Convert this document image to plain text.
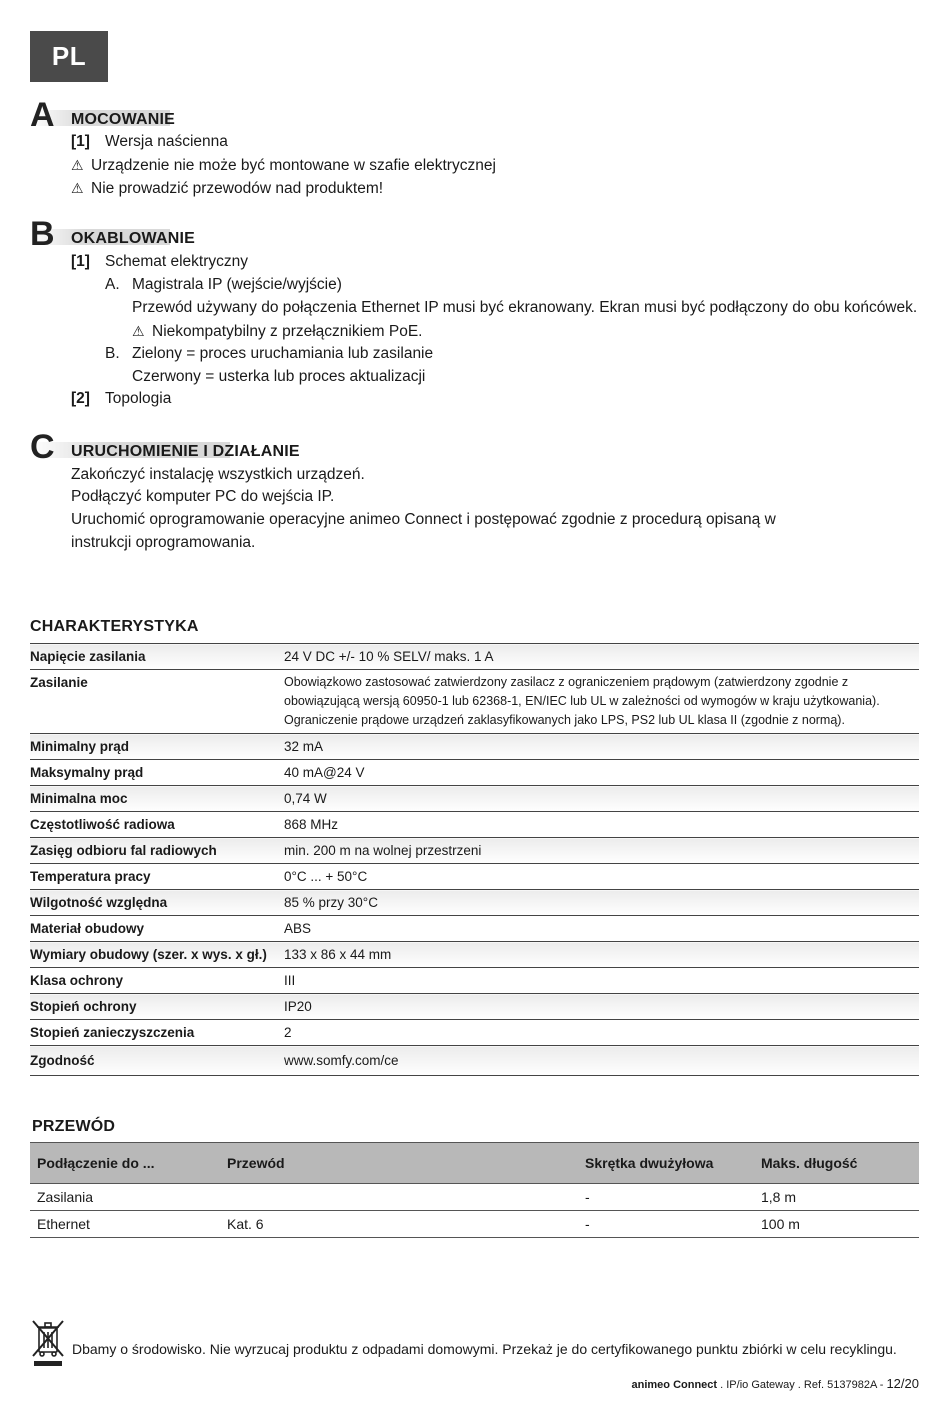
PL
A MOCOWANIE
[1] Wersja naścienna
⚠ Urządzenie nie może być montowane w szafie elektrycznej
⚠ Nie prowadzić przewodów nad produktem!
B OKABLOWANIE
[1] Schemat elektryczny
A. Magistrala IP (wejście/wyjście)
Przewód używany do połączenia Ethernet IP musi być ekranowany. Ekran musi być podłączony do obu końcówek.
⚠ Niekompatybilny z przełącznikiem PoE.
B. Zielony = proces uruchamiania lub zasilanie
Czerwony = usterka lub proces aktualizacji
[2] Topologia
C URUCHOMIENIE I DZIAŁANIE
Zakończyć instalację wszystkich urządzeń.
Podłączyć komputer PC do wejścia IP.
Uruchomić oprogramowanie operacyjne animeo Connect i postępować zgodnie z procedurą opisaną w
instrukcji oprogramowania.
CHARAKTERYSTYKA
Napięcie zasilania	24 V DC +/- 10 % SELV/ maks. 1 A
Zasilanie	Obowiązkowo zastosować zatwierdzony zasilacz z ograniczeniem prądowym (zatwierdzony zgodnie z
obowiązującą wersją 60950-1 lub 62368-1, EN/IEC lub UL w zależności od wymogów w kraju użytkowania).
Ograniczenie prądowe urządzeń zaklasyfikowanych jako LPS, PS2 lub UL klasa II (zgodnie z normą).

Minimalny prąd	32 mA
Maksymalny prąd	40 mA@24 V
Minimalna moc	0,74 W
Częstotliwość radiowa	868 MHz
Zasięg odbioru fal radiowych	min. 200 m na wolnej przestrzeni
Temperatura pracy	0°C ... + 50°C
Wilgotność względna	85 % przy 30°C
Materiał obudowy	ABS
Wymiary obudowy (szer. x wys. x gł.)	133 x 86 x 44 mm
Klasa ochrony	III
Stopień ochrony	IP20
Stopień zanieczyszczenia	2
Zgodność	www.somfy.com/ce
PRZEWÓD
Podłączenie do ...	Przewód	Skrętka dwużyłowa	Maks. długość
Zasilania		-	1,8 m
Ethernet	Kat. 6	-	100 m
Dbamy o środowisko. Nie wyrzucaj produktu z odpadami domowymi. Przekaż je do certyfikowanego punktu zbiórki w celu recyklingu.
animeo Connect . IP/io Gateway . Ref. 5137982A - 12/20
